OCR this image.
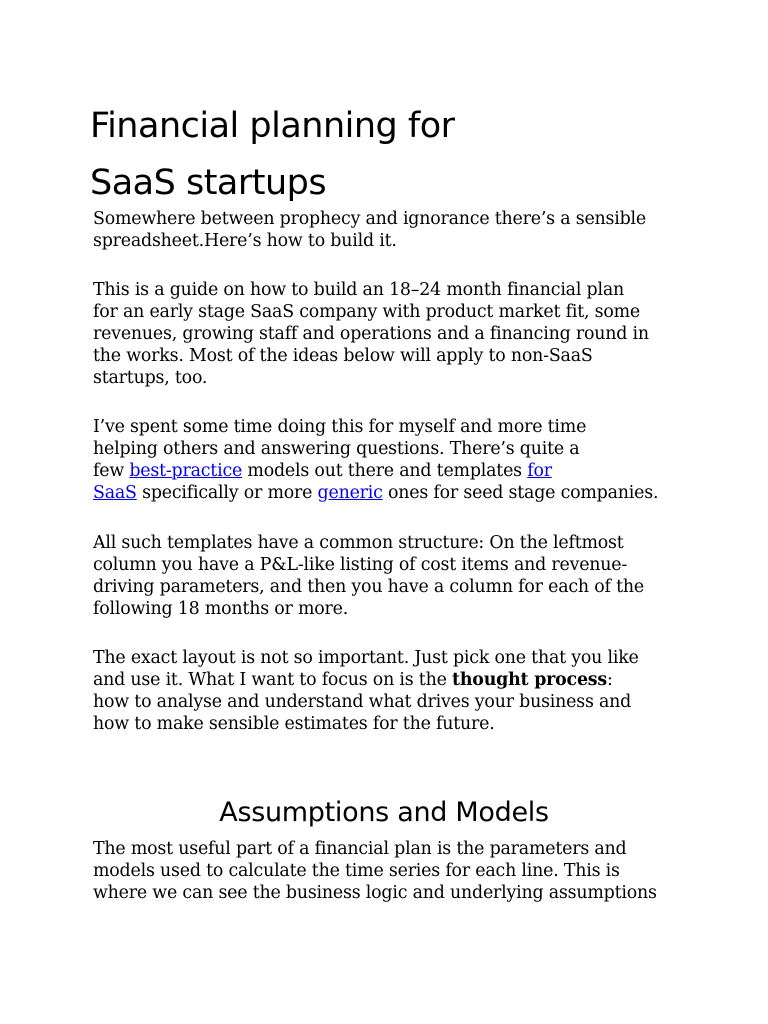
Financial planning for
SaaS startups

Somewhere between prophecy and ignorance there’s a sensible
spreadsheet.Here’s how to build it.

This is a guide on how to build an 18–24 month financial plan
for an early stage SaaS company with product market fit, some
revenues, growing staff and operations and a financing round in
the works. Most of the ideas below will apply to non-SaaS
startups, too.

I’ve spent some time doing this for myself and more time
helping others and answering questions. There’s quite a
few best-practice models out there and templates for
SaaS specifically or more generic ones for seed stage companies.

All such templates have a common structure: On the leftmost
column you have a P&L-like listing of cost items and revenue-
driving parameters, and then you have a column for each of the
following 18 months or more.

The exact layout is not so important. Just pick one that you like
and use it. What I want to focus on is the thought process:
how to analyse and understand what drives your business and
how to make sensible estimates for the future.

Assumptions and Models

The most useful part of a financial plan is the parameters and
models used to calculate the time series for each line. This is
where we can see the business logic and underlying assumptions
